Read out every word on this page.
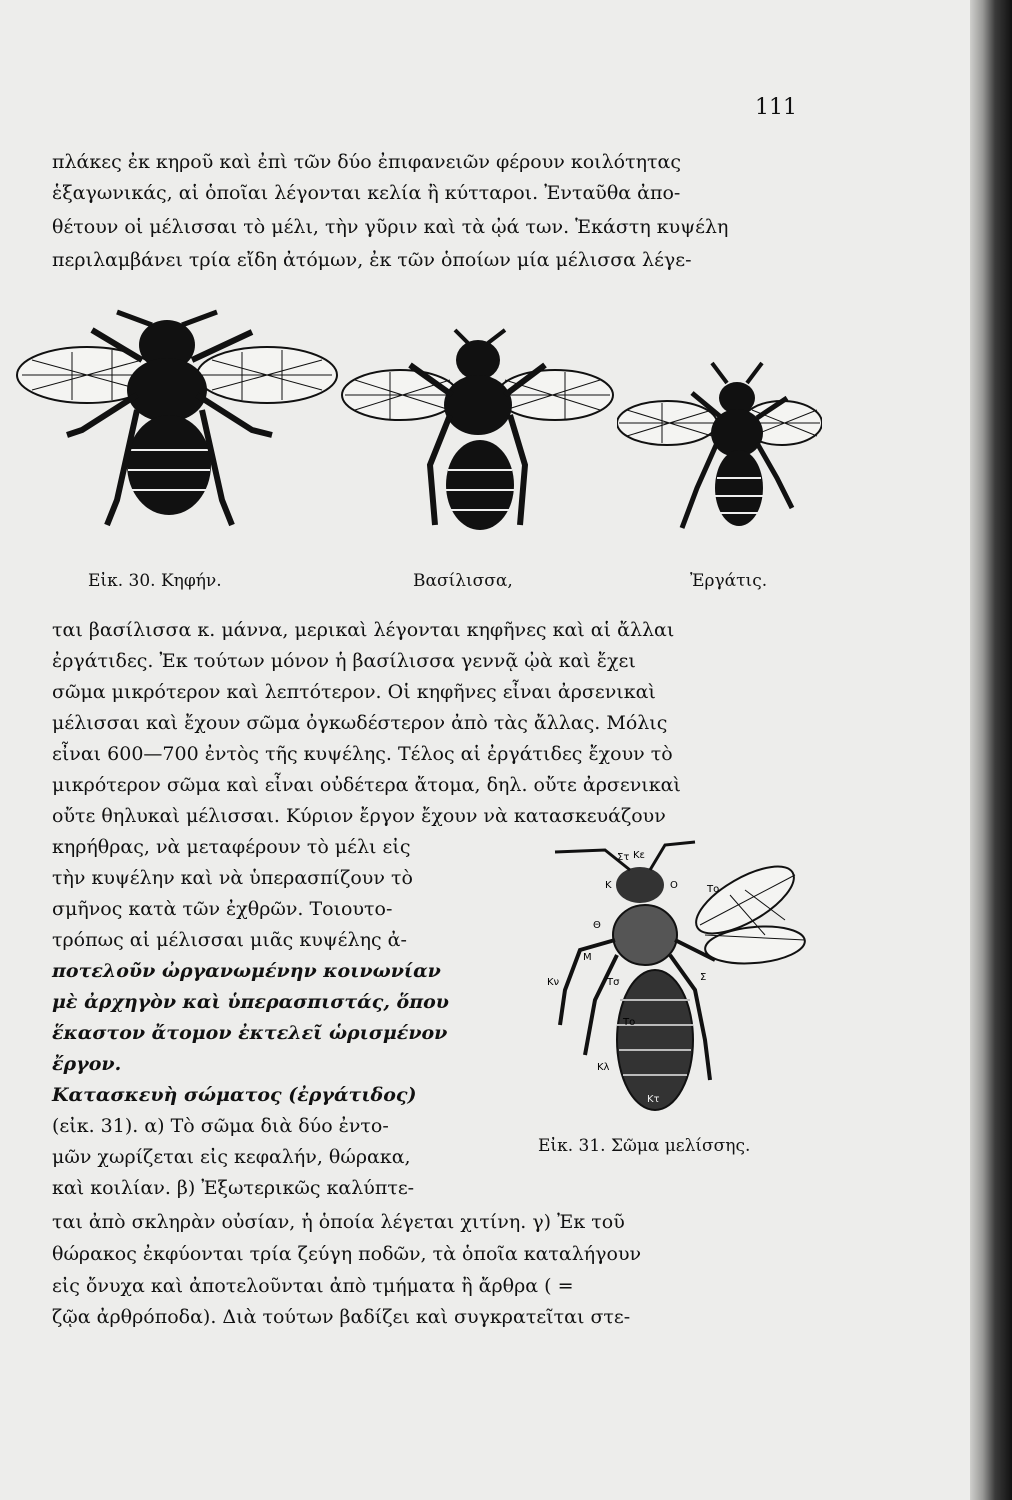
111
πλάκες ἐκ κηροῦ καὶ ἐπὶ τῶν δύο ἐπιφανειῶν φέρουν κοιλότητας
ἑξαγωνικάς, αἱ ὁποῖαι λέγονται κελία ἢ κύτταροι. Ἐνταῦθα ἀπο-
θέτουν οἱ μέλισσαι τὸ μέλι, τὴν γῦριν καὶ τὰ ᾠά των. Ἑκάστη κυψέλη
περιλαμβάνει τρία εἴδη ἀτόμων, ἐκ τῶν ὁποίων μία μέλισσα λέγε-
Εἰκ. 30. Κηφήν.	Βασίλισσα,	Ἐργάτις.
ται βασίλισσα κ. μάννα, μερικαὶ λέγονται κηφῆνες καὶ αἱ ἄλλαι
ἐργάτιδες. Ἐκ τούτων μόνον ἡ βασίλισσα γεννᾷ ᾠὰ καὶ ἔχει
σῶμα μικρότερον καὶ λεπτότερον. Οἱ κηφῆνες εἶναι ἀρσενικαὶ
μέλισσαι καὶ ἔχουν σῶμα ὀγκωδέστερον ἀπὸ τὰς ἄλλας. Μόλις
εἶναι 600—700 ἐντὸς τῆς κυψέλης. Τέλος αἱ ἐργάτιδες ἔχουν τὸ
μικρότερον σῶμα καὶ εἶναι οὐδέτερα ἄτομα, δηλ. οὔτε ἀρσενικαὶ
οὔτε θηλυκαὶ μέλισσαι. Κύριον ἔργον ἔχουν νὰ κατασκευάζουν
κηρήθρας, νὰ μεταφέρουν τὸ μέλι εἰς
τὴν κυψέλην καὶ νὰ ὑπερασπίζουν τὸ
σμῆνος κατὰ τῶν ἐχθρῶν. Τοιουτο-
τρόπως αἱ μέλισσαι μιᾶς κυψέλης ἀ-
ποτελοῦν ὠργανωμένην κοινωνίαν
μὲ ἀρχηγὸν καὶ ὑπερασπιστάς, ὅπου
ἕκαστον ἄτομον ἐκτελεῖ ὡρισμένον
ἔργον.
Κατασκευὴ σώματος (ἐργάτιδος)
(εἰκ. 31). α) Τὸ σῶμα διὰ δύο ἐντο-
μῶν χωρίζεται εἰς κεφαλήν, θώρακα,
καὶ κοιλίαν. β) Ἐξωτερικῶς καλύπτε-
Κε
Στ
Κ	Ο	Το
Θ
Μ
Κν	Τσ	Σ
Το
Κλ
Κτ
Εἰκ. 31. Σῶμα μελίσσης.
ται ἀπὸ σκληρὰν οὐσίαν, ἡ ὁποία λέγεται χιτίνη. γ) Ἐκ τοῦ
θώρακος ἐκφύονται τρία ζεύγη ποδῶν, τὰ ὁποῖα καταλήγουν
εἰς ὄνυχα καὶ ἀποτελοῦνται ἀπὸ τμήματα ἢ ἄρθρα ( =
ζῷα ἀρθρόποδα). Διὰ τούτων βαδίζει καὶ συγκρατεῖται στε-
